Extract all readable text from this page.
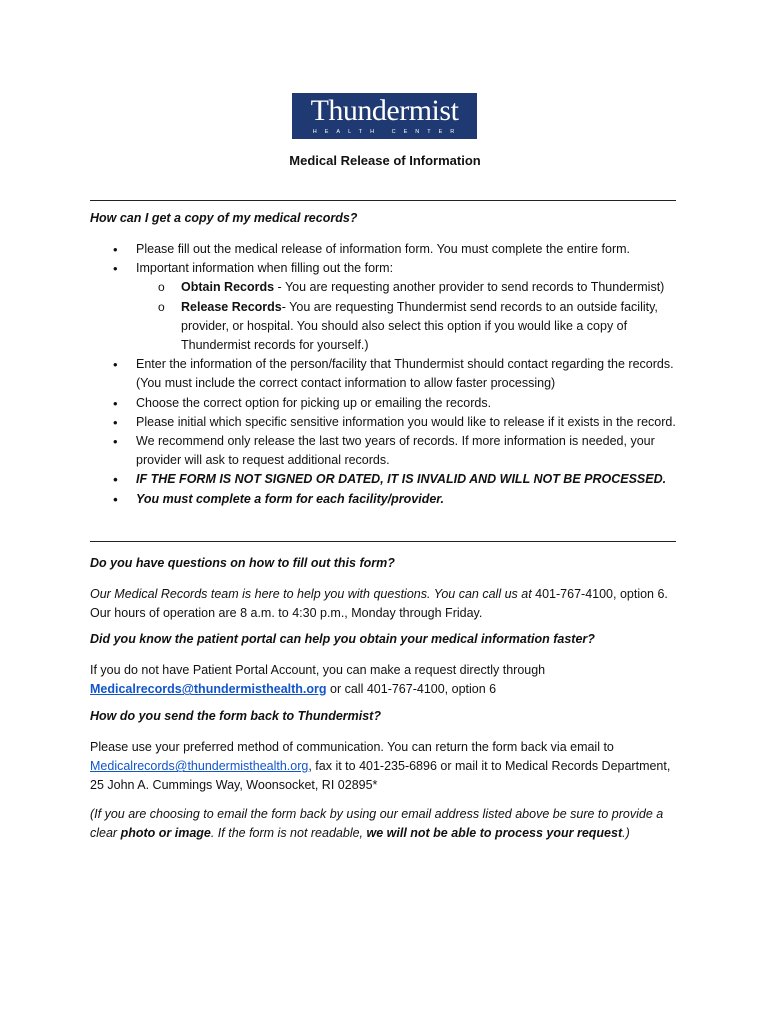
Thundermist
HEALTH CENTER
Medical Release of Information
How can I get a copy of my medical records?
• Please fill out the medical release of information form. You must complete the entire form.
• Important information when filling out the form:
o Obtain Records - You are requesting another provider to send records to Thundermist)
o Release Records- You are requesting Thundermist send records to an outside facility, provider, or hospital. You should also select this option if you would like a copy of Thundermist records for yourself.)
• Enter the information of the person/facility that Thundermist should contact regarding the records. (You must include the correct contact information to allow faster processing)
• Choose the correct option for picking up or emailing the records.
• Please initial which specific sensitive information you would like to release if it exists in the record.
• We recommend only release the last two years of records. If more information is needed, your provider will ask to request additional records.
• IF THE FORM IS NOT SIGNED OR DATED, IT IS INVALID AND WILL NOT BE PROCESSED.
• You must complete a form for each facility/provider.
Do you have questions on how to fill out this form?
Our Medical Records team is here to help you with questions. You can call us at 401-767-4100, option 6.
Our hours of operation are 8 a.m. to 4:30 p.m., Monday through Friday.
Did you know the patient portal can help you obtain your medical information faster?
If you do not have Patient Portal Account, you can make a request directly through
Medicalrecords@thundermisthealth.org or call 401-767-4100, option 6
How do you send the form back to Thundermist?
Please use your preferred method of communication. You can return the form back via email to
Medicalrecords@thundermisthealth.org, fax it to 401-235-6896 or mail it to Medical Records Department, 25 John A. Cummings Way, Woonsocket, RI 02895*
(If you are choosing to email the form back by using our email address listed above be sure to provide a clear photo or image. If the form is not readable, we will not be able to process your request.)
